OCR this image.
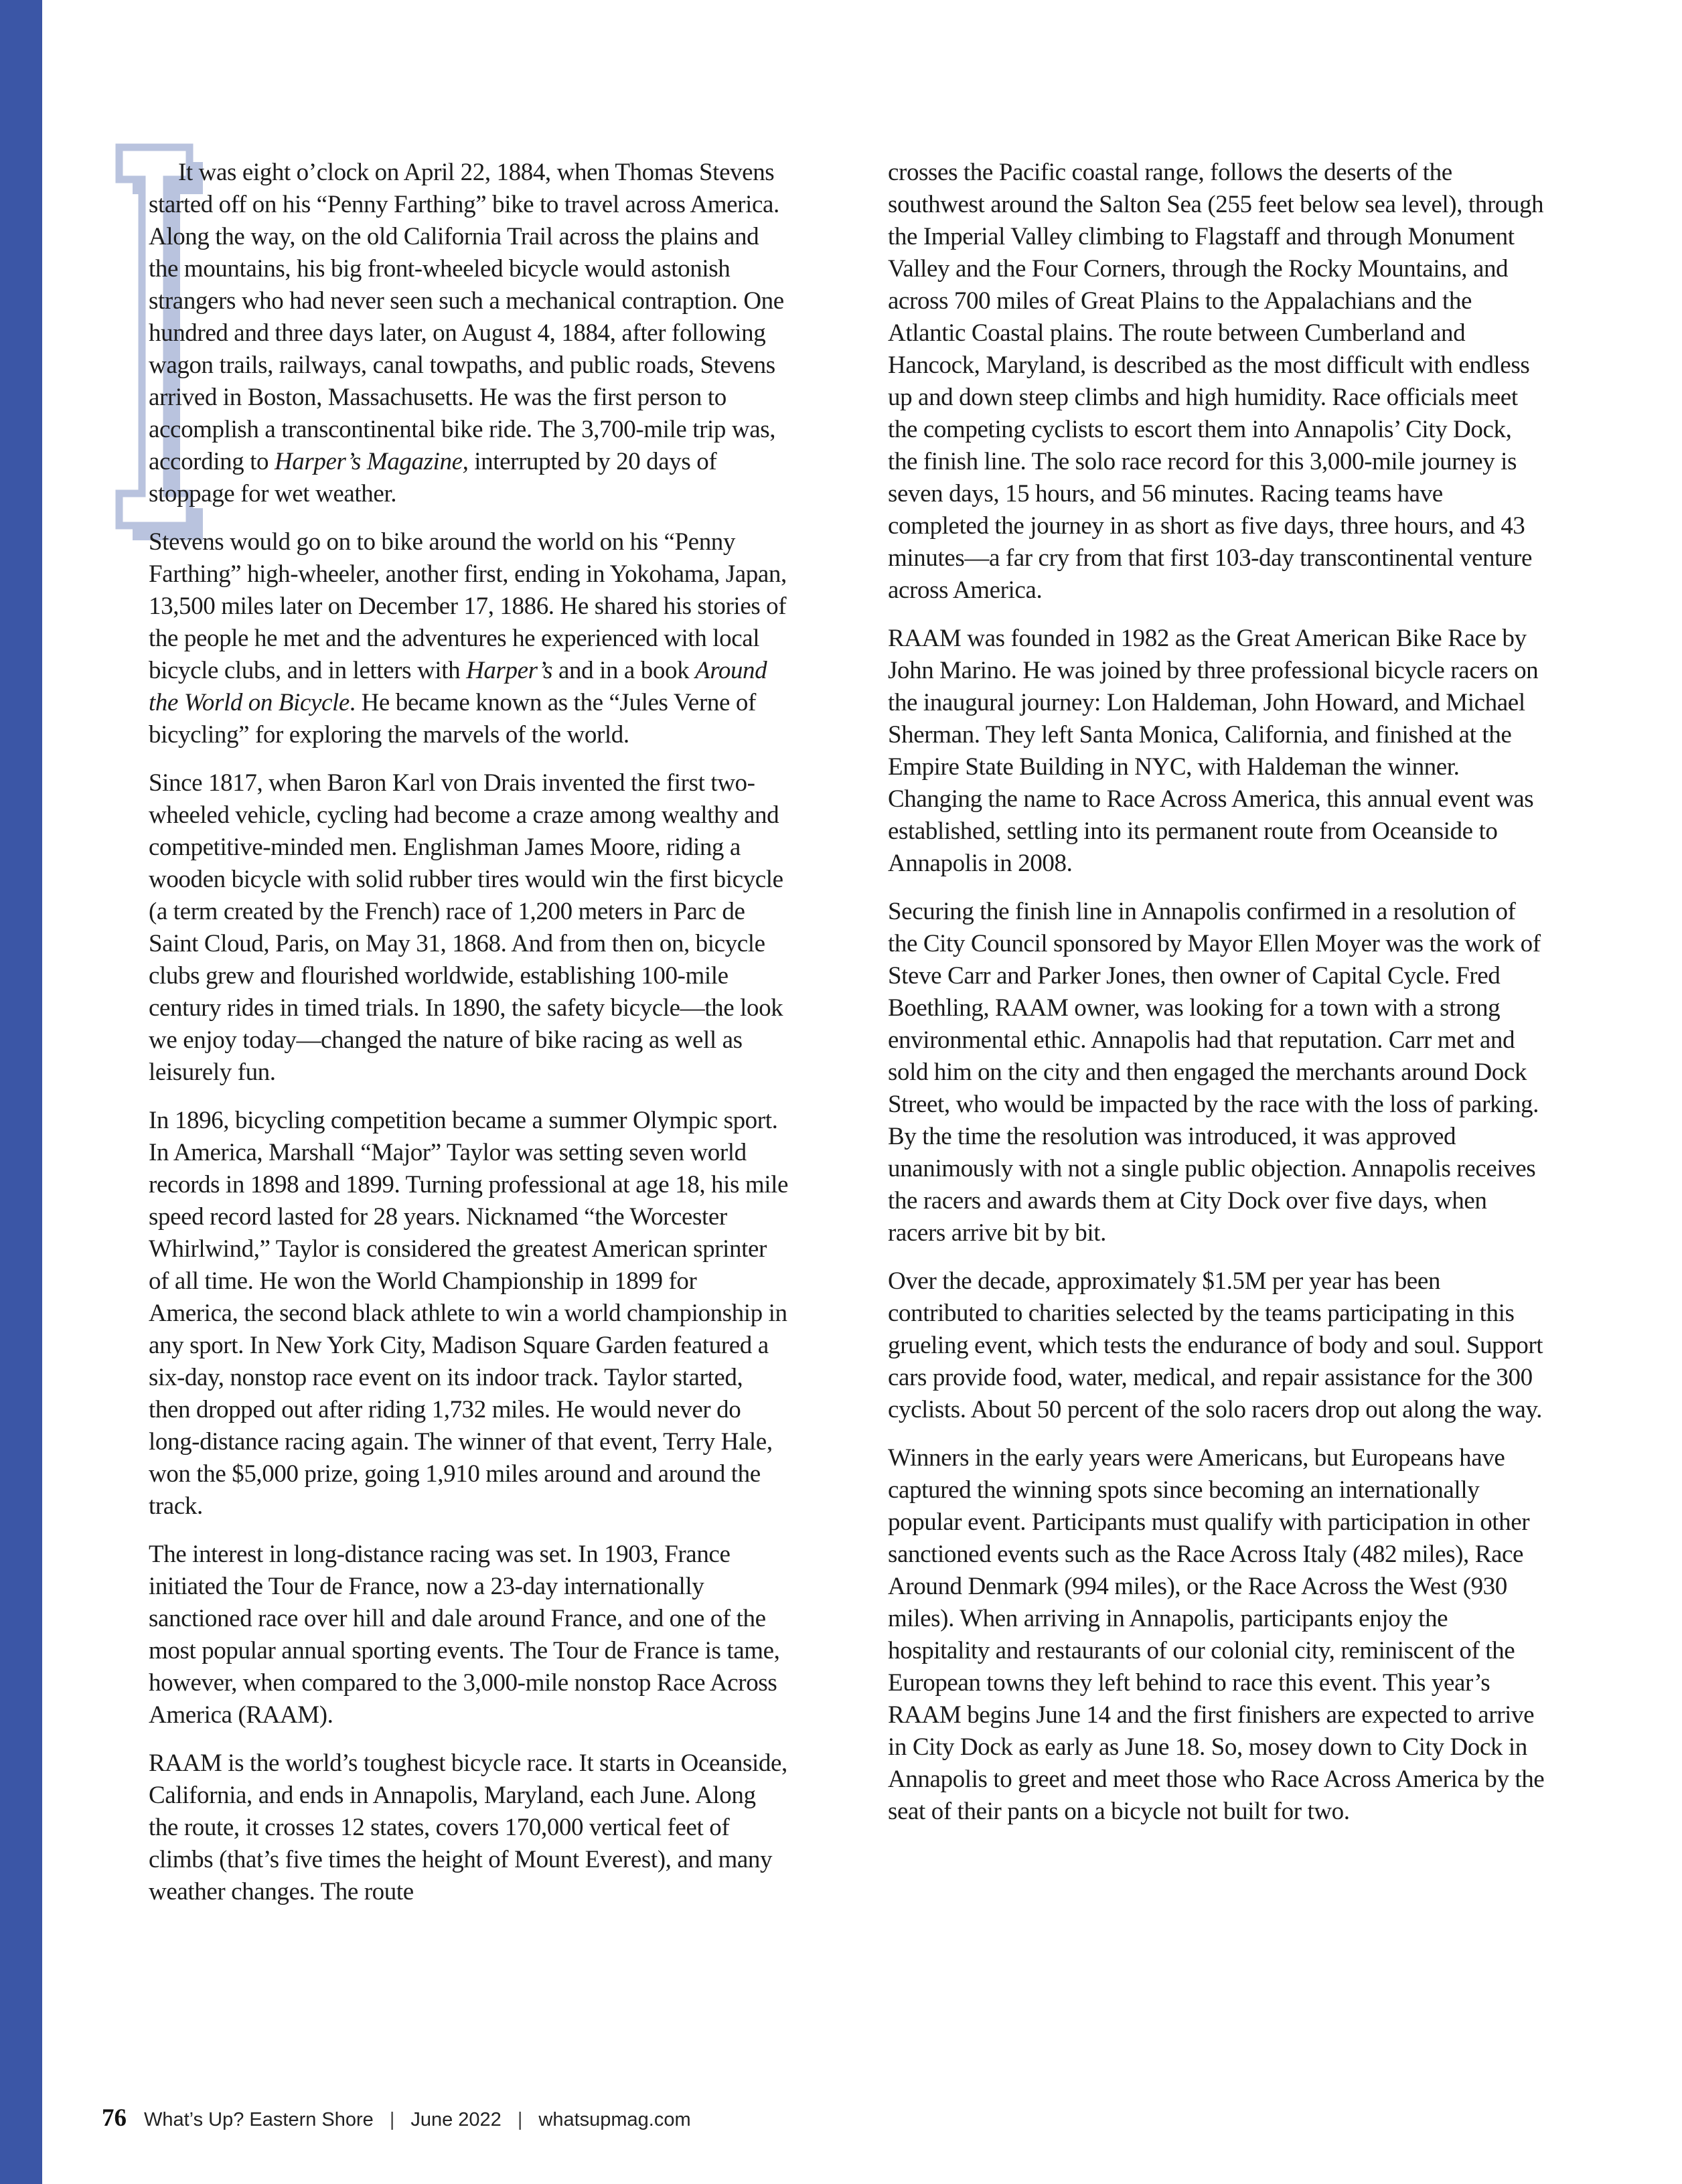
It was eight o’clock on April 22, 1884, when Thomas Stevens started off on his “Penny Farthing” bike to travel across America. Along the way, on the old California Trail across the plains and the mountains, his big front-wheeled bicycle would astonish strangers who had never seen such a mechanical contraption. One hundred and three days later, on August 4, 1884, after following wagon trails, railways, canal towpaths, and public roads, Stevens arrived in Boston, Massachusetts. He was the first person to accomplish a transcontinental bike ride. The 3,700-mile trip was, according to Harper’s Magazine, interrupted by 20 days of stoppage for wet weather.

Stevens would go on to bike around the world on his “Penny Farthing” high-wheeler, another first, ending in Yokohama, Japan, 13,500 miles later on December 17, 1886. He shared his stories of the people he met and the adventures he experienced with local bicycle clubs, and in letters with Harper’s and in a book Around the World on Bicycle. He became known as the “Jules Verne of bicycling” for exploring the marvels of the world.

Since 1817, when Baron Karl von Drais invented the first two-wheeled vehicle, cycling had become a craze among wealthy and competitive-minded men. Englishman James Moore, riding a wooden bicycle with solid rubber tires would win the first bicycle (a term created by the French) race of 1,200 meters in Parc de Saint Cloud, Paris, on May 31, 1868. And from then on, bicycle clubs grew and flourished worldwide, establishing 100-mile century rides in timed trials. In 1890, the safety bicycle—the look we enjoy today—changed the nature of bike racing as well as leisurely fun.

In 1896, bicycling competition became a summer Olympic sport. In America, Marshall “Major” Taylor was setting seven world records in 1898 and 1899. Turning professional at age 18, his mile speed record lasted for 28 years. Nicknamed “the Worcester Whirlwind,” Taylor is considered the greatest American sprinter of all time. He won the World Championship in 1899 for America, the second black athlete to win a world championship in any sport. In New York City, Madison Square Garden featured a six-day, nonstop race event on its indoor track. Taylor started, then dropped out after riding 1,732 miles. He would never do long-distance racing again. The winner of that event, Terry Hale, won the $5,000 prize, going 1,910 miles around and around the track.

The interest in long-distance racing was set. In 1903, France initiated the Tour de France, now a 23-day internationally sanctioned race over hill and dale around France, and one of the most popular annual sporting events. The Tour de France is tame, however, when compared to the 3,000-mile nonstop Race Across America (RAAM).

RAAM is the world’s toughest bicycle race. It starts in Oceanside, California, and ends in Annapolis, Maryland, each June. Along the route, it crosses 12 states, covers 170,000 vertical feet of climbs (that’s five times the height of Mount Everest), and many weather changes. The route

crosses the Pacific coastal range, follows the deserts of the southwest around the Salton Sea (255 feet below sea level), through the Imperial Valley climbing to Flagstaff and through Monument Valley and the Four Corners, through the Rocky Mountains, and across 700 miles of Great Plains to the Appalachians and the Atlantic Coastal plains. The route between Cumberland and Hancock, Maryland, is described as the most difficult with endless up and down steep climbs and high humidity. Race officials meet the competing cyclists to escort them into Annapolis’ City Dock, the finish line. The solo race record for this 3,000-mile journey is seven days, 15 hours, and 56 minutes. Racing teams have completed the journey in as short as five days, three hours, and 43 minutes—a far cry from that first 103-day transcontinental venture across America.

RAAM was founded in 1982 as the Great American Bike Race by John Marino. He was joined by three professional bicycle racers on the inaugural journey: Lon Haldeman, John Howard, and Michael Sherman. They left Santa Monica, California, and finished at the Empire State Building in NYC, with Haldeman the winner. Changing the name to Race Across America, this annual event was established, settling into its permanent route from Oceanside to Annapolis in 2008.

Securing the finish line in Annapolis confirmed in a resolution of the City Council sponsored by Mayor Ellen Moyer was the work of Steve Carr and Parker Jones, then owner of Capital Cycle. Fred Boethling, RAAM owner, was looking for a town with a strong environmental ethic. Annapolis had that reputation. Carr met and sold him on the city and then engaged the merchants around Dock Street, who would be impacted by the race with the loss of parking. By the time the resolution was introduced, it was approved unanimously with not a single public objection. Annapolis receives the racers and awards them at City Dock over five days, when racers arrive bit by bit.

Over the decade, approximately $1.5M per year has been contributed to charities selected by the teams participating in this grueling event, which tests the endurance of body and soul. Support cars provide food, water, medical, and repair assistance for the 300 cyclists. About 50 percent of the solo racers drop out along the way.

Winners in the early years were Americans, but Europeans have captured the winning spots since becoming an internationally popular event. Participants must qualify with participation in other sanctioned events such as the Race Across Italy (482 miles), Race Around Denmark (994 miles), or the Race Across the West (930 miles). When arriving in Annapolis, participants enjoy the hospitality and restaurants of our colonial city, reminiscent of the European towns they left behind to race this event. This year’s RAAM begins June 14 and the first finishers are expected to arrive in City Dock as early as June 18. So, mosey down to City Dock in Annapolis to greet and meet those who Race Across America by the seat of their pants on a bicycle not built for two.

76 What’s Up? Eastern Shore | June 2022 | whatsupmag.com
